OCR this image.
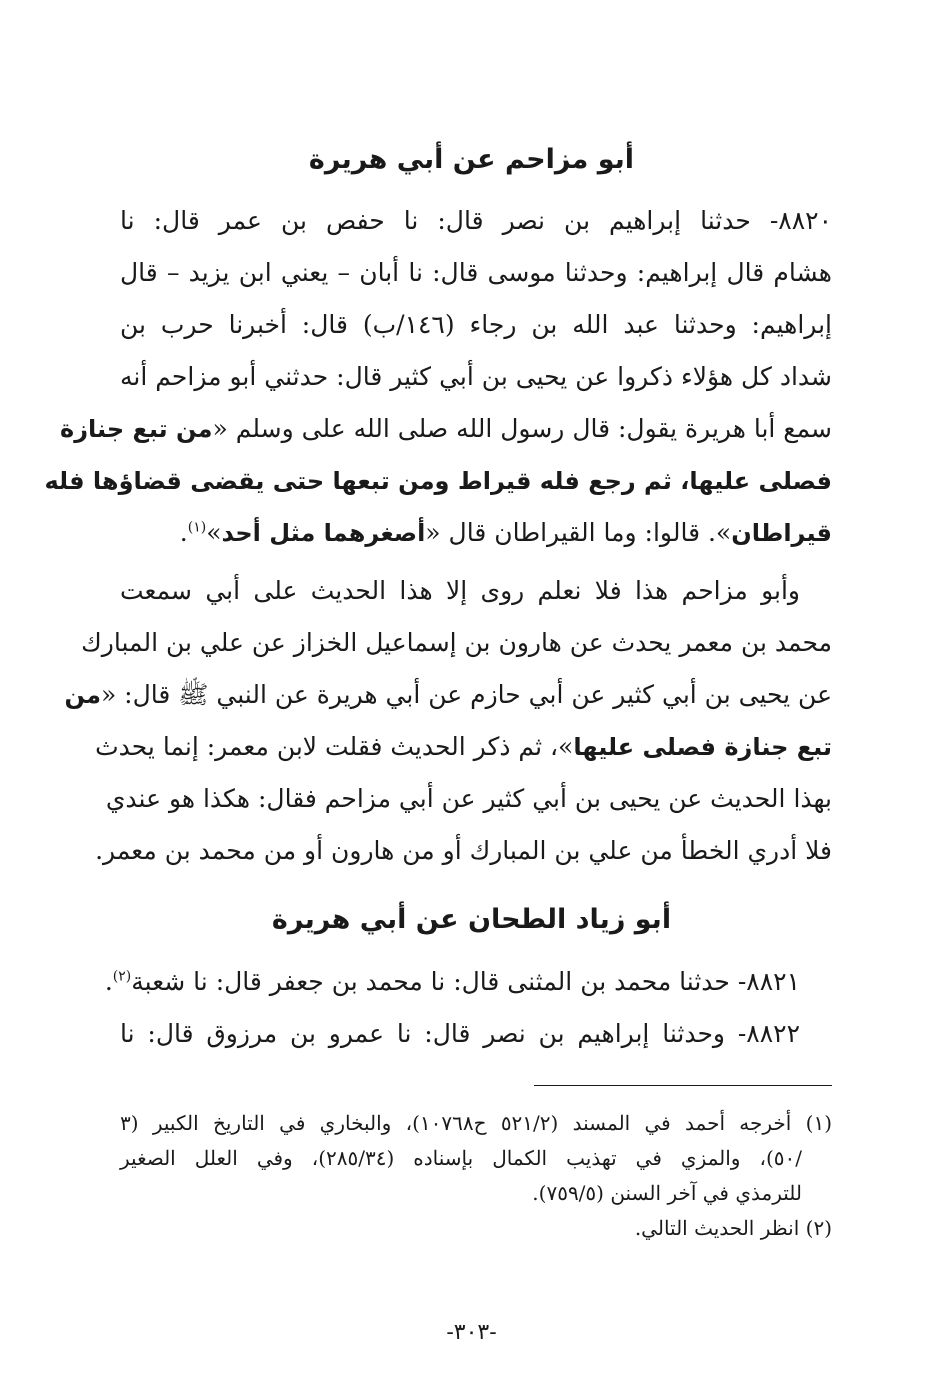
أبو مزاحم عن أبي هريرة
٨٨٢٠- حدثنا إبراهيم بن نصر قال: نا حفص بن عمر قال: نا
هشام قال إبراهيم: وحدثنا موسى قال: نا أبان – يعني ابن يزيد – قال
إبراهيم: وحدثنا عبد الله بن رجاء (١٤٦/ب) قال: أخبرنا حرب بن
شداد كل هؤلاء ذكروا عن يحيى بن أبي كثير قال: حدثني أبو مزاحم أنه
سمع أبا هريرة يقول: قال رسول الله صلى الله على وسلم «من تبع جنازة
فصلى عليها، ثم رجع فله قيراط ومن تبعها حتى يقضى قضاؤها فله
قيراطان». قالوا: وما القيراطان قال «أصغرهما مثل أحد»$^{(١)}$.
وأبو مزاحم هذا فلا نعلم روى إلا هذا الحديث على أبي سمعت
محمد بن معمر يحدث عن هارون بن إسماعيل الخزاز عن علي بن المبارك
عن يحيى بن أبي كثير عن أبي حازم عن أبي هريرة عن النبي ﷺ قال: «من
تبع جنازة فصلى عليها»، ثم ذكر الحديث فقلت لابن معمر: إنما يحدث
بهذا الحديث عن يحيى بن أبي كثير عن أبي مزاحم فقال: هكذا هو عندي
فلا أدري الخطأ من علي بن المبارك أو من هارون أو من محمد بن معمر.
أبو زياد الطحان عن أبي هريرة
٨٨٢١- حدثنا محمد بن المثنى قال: نا محمد بن جعفر قال: نا شعبة$^{(٢)}$.
٨٨٢٢- وحدثنا إبراهيم بن نصر قال: نا عمرو بن مرزوق قال: نا
(١) أخرجه أحمد في المسند (٥٢١/٢ ح١٠٧٦٨)، والبخاري في التاريخ الكبير (٣
/٥٠)، والمزي في تهذيب الكمال بإسناده (٢٨٥/٣٤)، وفي العلل الصغير
للترمذي في آخر السنن (٧٥٩/٥).
(٢) انظر الحديث التالي.
-٣٠٣-
